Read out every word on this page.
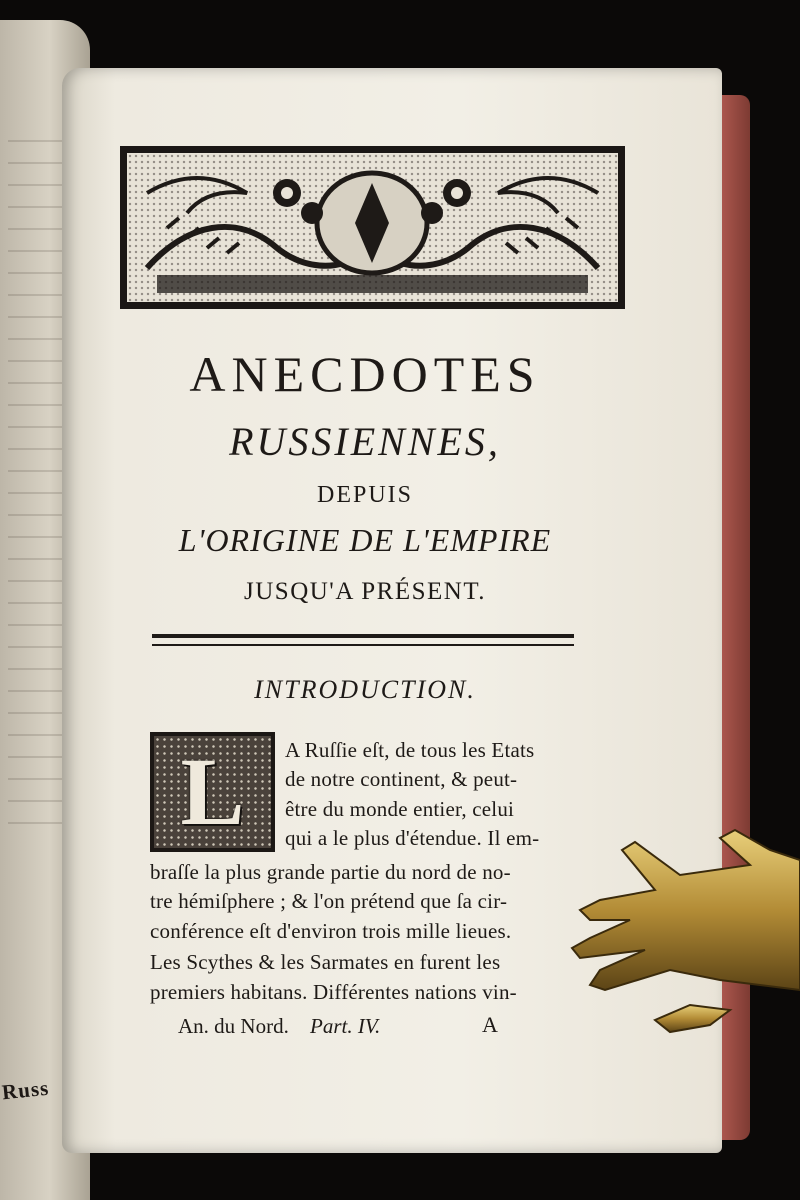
Russ
ANECDOTES
RUSSIENNES,
DEPUIS
L'ORIGINE DE L'EMPIRE
JUSQU'A PRÉSENT.
INTRODUCTION.
L A Ruſſie eſt, de tous les Etats
de notre continent, & peut-
être du monde entier, celui
qui a le plus d'étendue. Il em-
braſſe la plus grande partie du nord de no-
tre hémiſphere ; & l'on prétend que ſa cir-
conférence eſt d'environ trois mille lieues.
Les Scythes & les Sarmates en furent les
premiers habitans. Différentes nations vin-
An. du Nord. Part. IV.	A
